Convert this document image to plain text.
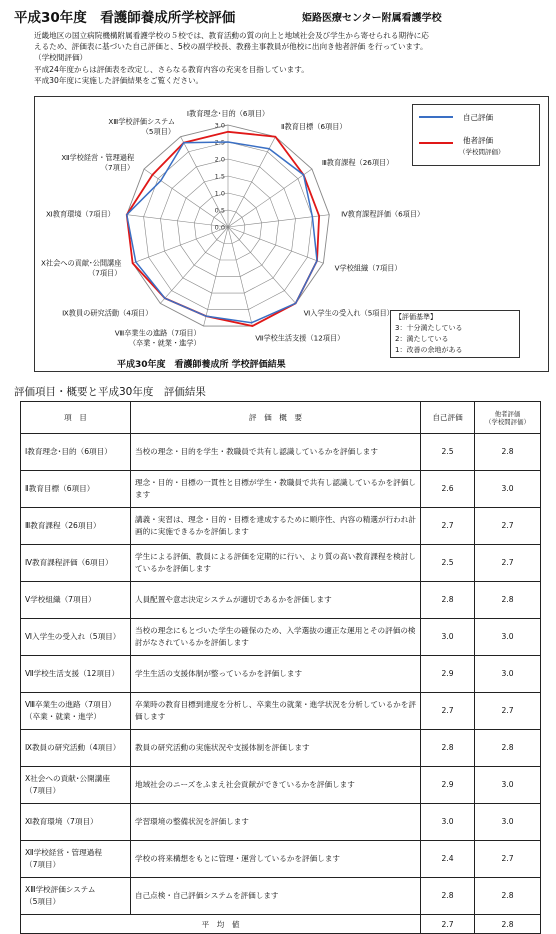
平成30年度　看護師養成所学校評価	姫路医療センター附属看護学校

近畿地区の国立病院機構附属看護学校の５校では、教育活動の質の向上と地域社会及び学生から寄せられる期待に応

えるため、評価表に基づいた自己評価と、5校の副学校長、教務主事教員が他校に出向き他者評価 を行っています。

（学校間評価）

平成24年度からは評価表を改定し、さらなる教育内容の充実を目指しています。

平成30年度に実施した評価結果をご覧ください。

0.0
0.5
1.0
1.5
2.0
2.5
3.0
Ⅰ教育理念･目的（6項目）
Ⅱ教育目標（6項目）
Ⅲ教育課程（26項目）
Ⅳ教育課程評価（6項目）
Ⅴ学校組織（7項目）
Ⅵ入学生の受入れ（5項目）
Ⅶ学校生活支援（12項目）
Ⅷ卒業生の進路（7項目）
（卒業・就業・進学）
Ⅸ教員の研究活動（4項目）
Ⅹ社会への貢献･公開講座
（7項目）
Ⅺ教育環境（7項目）
Ⅻ学校経営・管理過程
（7項目）
ⅩⅢ学校評価システム
（5項目）
自己評価
他者評価
（学校間評価）
【評価基準】
3：十分満たしている
2：満たしている
1：改善の余地がある
平成30年度　看護師養成所 学校評価結果
評価項目・概要と平成30年度　評価結果
項　目	評　価　概　要	自己評価	他者評価
（学校間評価）

Ⅰ教育理念･目的（6項目）	当校の理念・目的を学生・教職員で共有し認識しているかを評価します	2.5	2.8

Ⅱ教育目標（6項目）	理念・目的・目標の一貫性と目標が学生・教職員で共有し認識しているかを評価します	2.6	3.0

Ⅲ教育課程（26項目）	講義・実習は、理念・目的・目標を達成するために順序性、内容の精選が行われ計画的に実施できるかを評価します	2.7	2.7

Ⅳ教育課程評価（6項目）	学生による評価、教員による評価を定期的に行い、より質の高い教育課程を検討しているかを評価します	2.5	2.7

Ⅴ学校組織（7項目）	人員配置や意志決定システムが適切であるかを評価します	2.8	2.8

Ⅵ入学生の受入れ（5項目）	当校の理念にもとづいた学生の確保のため、入学選抜の適正な運用とその評価の検討がなされているかを評価します	3.0	3.0

Ⅶ学校生活支援（12項目）	学生生活の支援体制が整っているかを評価します	2.9	3.0

Ⅷ卒業生の進路（7項目）
（卒業・就業・進学）	卒業時の教育目標到達度を分析し、卒業生の就業・進学状況を分析しているかを評価します	2.7	2.7

Ⅸ教員の研究活動（4項目）	教員の研究活動の実施状況や支援体制を評価します	2.8	2.8

Ⅹ社会への貢献･公開講座
（7項目）	地域社会のニーズをふまえ社会貢献ができているかを評価します	2.9	3.0

Ⅺ教育環境（7項目）	学習環境の整備状況を評価します	3.0	3.0

Ⅻ学校経営・管理過程
（7項目）	学校の将来構想をもとに管理・運営しているかを評価します	2.4	2.7

ⅩⅢ学校評価システム
（5項目）	自己点検・自己評価システムを評価します	2.8	2.8
平　均　値		2.7	2.8
